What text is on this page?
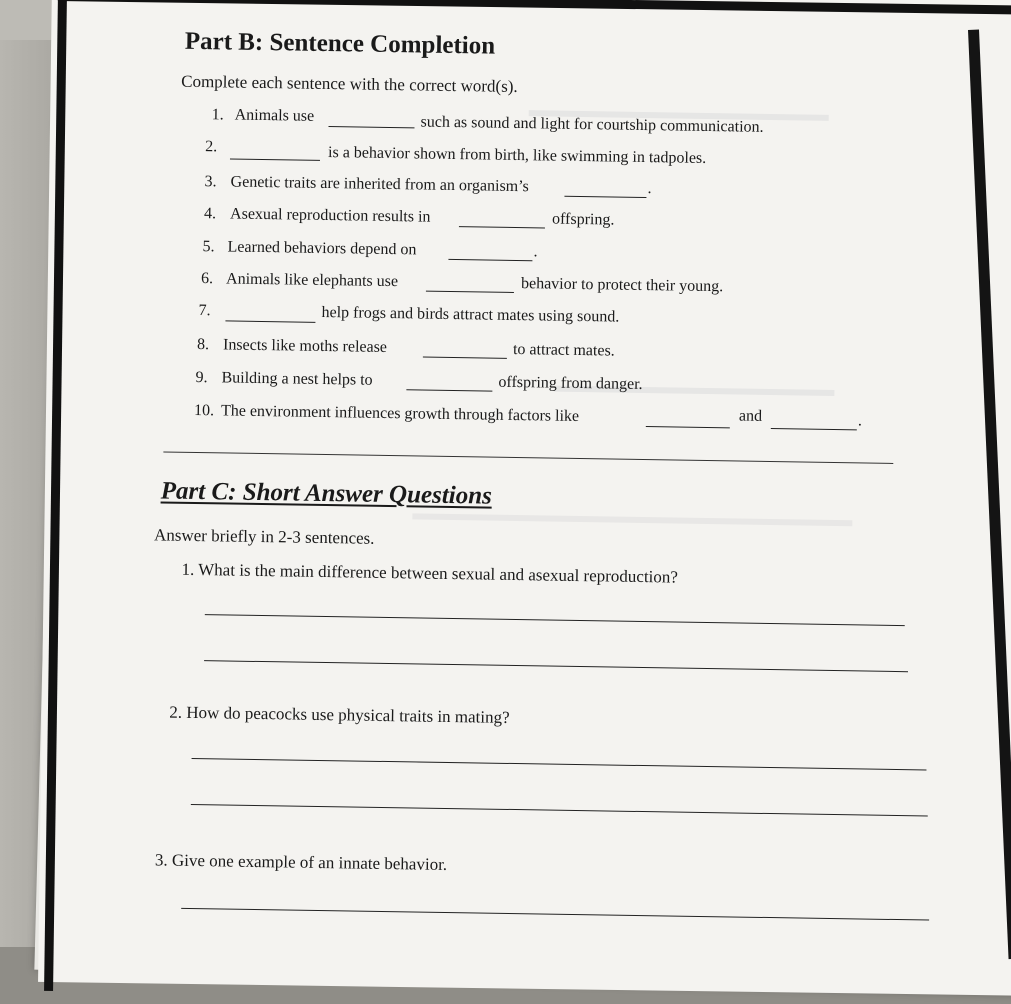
Part B: Sentence Completion
Complete each sentence with the correct word(s).
1. Animals use	such as sound and light for courtship communication.
2.	is a behavior shown from birth, like swimming in tadpoles.
3. Genetic traits are inherited from an organism’s	.
4. Asexual reproduction results in	offspring.
5. Learned behaviors depend on	.
6. Animals like elephants use	behavior to protect their young.
7.	help frogs and birds attract mates using sound.
8. Insects like moths release	to attract mates.
9. Building a nest helps to	offspring from danger.
10. The environment influences growth through factors like	and	.
Part C: Short Answer Questions
Answer briefly in 2-3 sentences.
1. What is the main difference between sexual and asexual reproduction?
2. How do peacocks use physical traits in mating?
3. Give one example of an innate behavior.
